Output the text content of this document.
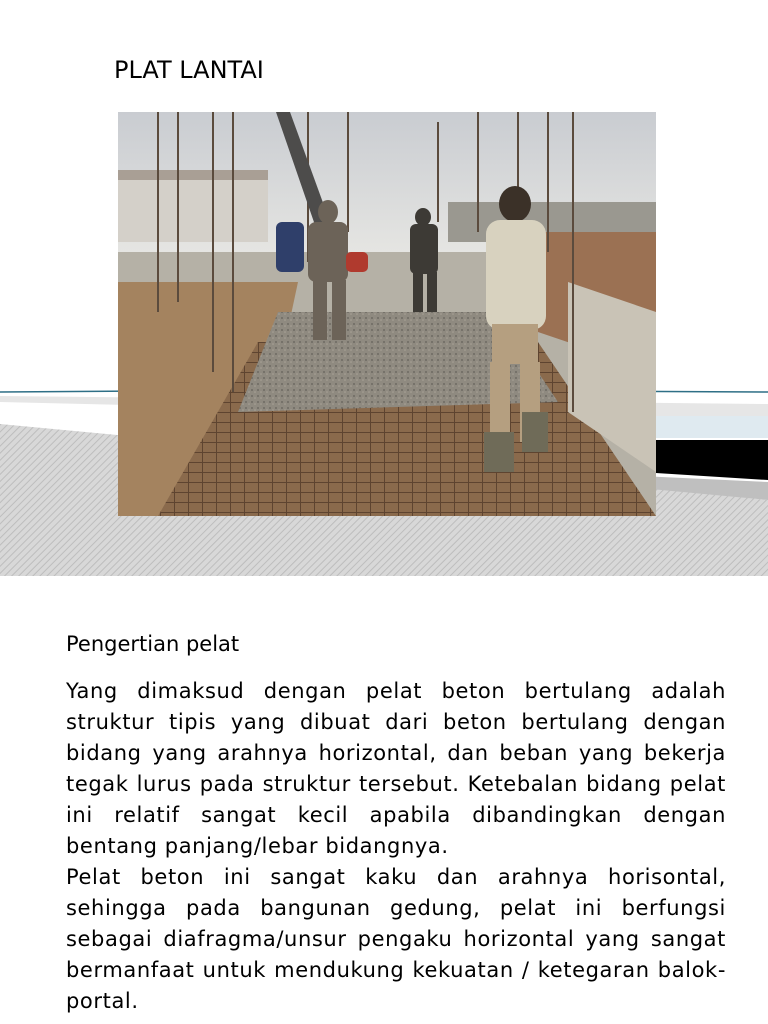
PLAT LANTAI
Pengertian pelat

Yang dimaksud dengan pelat beton bertulang adalah struktur tipis yang dibuat dari beton bertulang dengan bidang yang arahnya horizontal, dan beban yang bekerja tegak lurus pada struktur tersebut. Ketebalan bidang pelat ini relatif sangat kecil apabila dibandingkan dengan bentang panjang/lebar bidangnya.

Pelat beton ini sangat kaku dan arahnya horisontal, sehingga pada bangunan gedung, pelat ini berfungsi sebagai diafragma/unsur pengaku horizontal yang sangat bermanfaat untuk mendukung kekuatan / ketegaran balok-portal.
